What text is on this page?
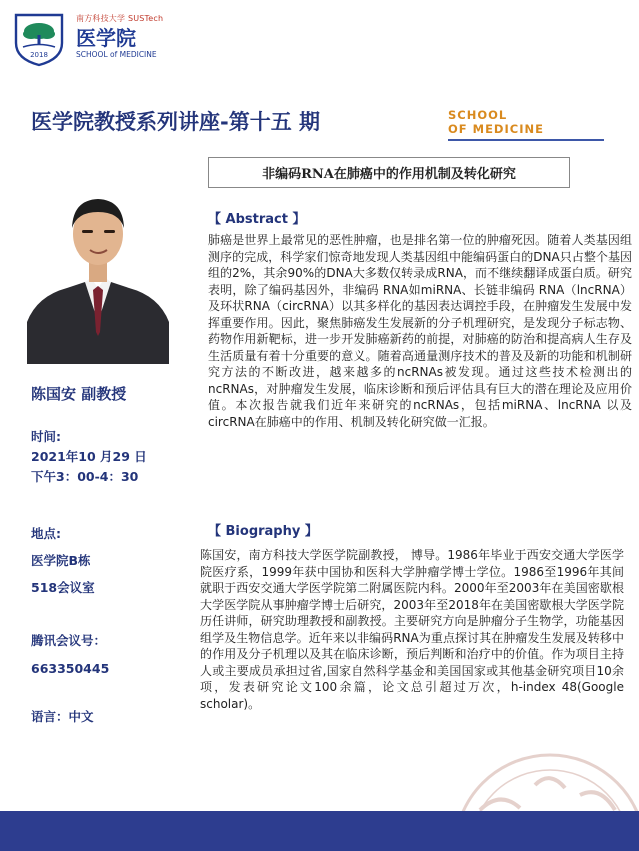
2018
南方科技大学 SUSTech
医学院
SCHOOL of MEDICINE
医学院教授系列讲座-第十五 期	SCHOOL
OF MEDICINE
非编码RNA在肺癌中的作用机制及转化研究
陈国安 副教授
时间:
2021年10 月29 日
下午3：00-4：30
地点:
医学院B栋
518会议室
腾讯会议号：
663350445
语言：中文
【 Abstract 】

肺癌是世界上最常见的恶性肿瘤，也是排名第一位的肿瘤死因。随着人类基因组测序的完成，科学家们惊奇地发现人类基因组中能编码蛋白的DNA只占整个基因组的2%，其余90%的DNA大多数仅转录成RNA，而不继续翻译成蛋白质。研究表明，除了编码基因外，非编码 RNA如miRNA、长链非编码 RNA（lncRNA）及环状RNA（circRNA）以其多样化的基因表达调控手段，在肿瘤发生发展中发挥重要作用。因此，聚焦肺癌发生发展新的分子机理研究，是发现分子标志物、药物作用新靶标，进一步开发肺癌新药的前提，对肺癌的防治和提高病人生存及生活质量有着十分重要的意义。随着高通量测序技术的普及及新的功能和机制研究方法的不断改进，越来越多的ncRNAs被发现。通过这些技术检测出的ncRNAs，对肿瘤发生发展，临床诊断和预后评估具有巨大的潜在理论及应用价值。本次报告就我们近年来研究的ncRNAs，包括miRNA、lncRNA 以及circRNA在肺癌中的作用、机制及转化研究做一汇报。

【 Biography 】

陈国安，南方科技大学医学院副教授， 博导。1986年毕业于西安交通大学医学院医疗系，1999年获中国协和医科大学肿瘤学博士学位。1986至1996年其间就职于西安交通大学医学院第二附属医院内科。2000年至2003年在美国密歇根大学医学院从事肿瘤学博士后研究，2003年至2018年在美国密歇根大学医学院历任讲师，研究助理教授和副教授。主要研究方向是肿瘤分子生物学，功能基因组学及生物信息学。近年来以非编码RNA为重点探讨其在肿瘤发生发展及转移中的作用及分子机理以及其在临床诊断，预后判断和治疗中的价值。作为项目主持人或主要成员承担过省,国家自然科学基金和美国国家或其他基金研究项目10余项，发表研究论文100余篇，论文总引超过万次，h-index 48(Google scholar)。
